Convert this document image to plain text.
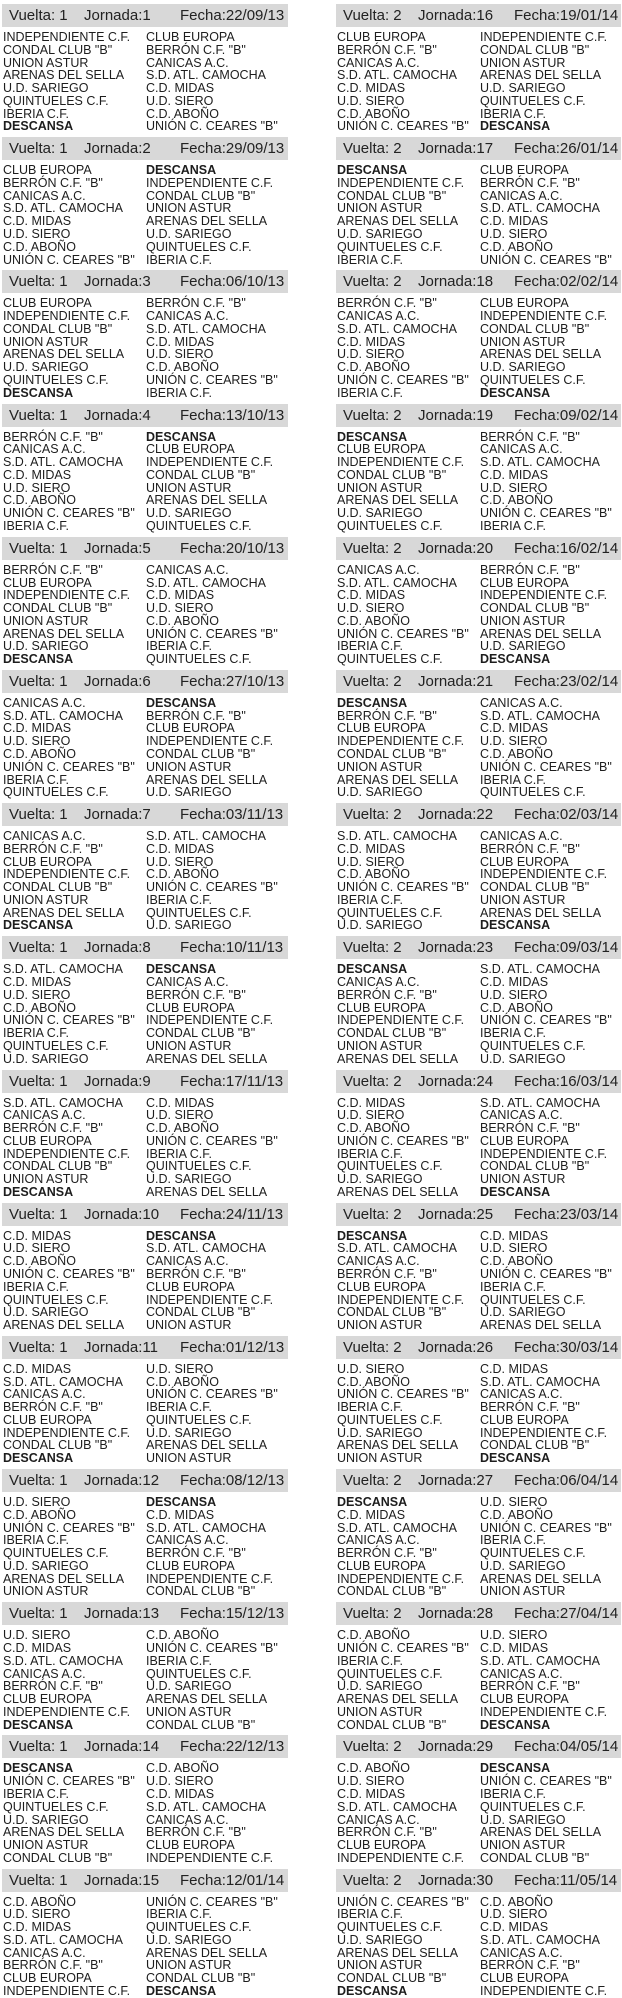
Vuelta: 1 Jornada:1 Fecha:22/09/13
INDEPENDIENTE C.F.	CLUB EUROPA
CONDAL CLUB "B"	BERRÓN C.F. "B"
UNION ASTUR	CANICAS A.C.
ARENAS DEL SELLA	S.D. ATL. CAMOCHA
U.D. SARIEGO	C.D. MIDAS
QUINTUELES C.F.	U.D. SIERO
IBERIA C.F.	C.D. ABOÑO
DESCANSA	UNIÓN C. CEARES "B"
Vuelta: 1 Jornada:2 Fecha:29/09/13
CLUB EUROPA	DESCANSA
BERRÓN C.F. "B"	INDEPENDIENTE C.F.
CANICAS A.C.	CONDAL CLUB "B"
S.D. ATL. CAMOCHA	UNION ASTUR
C.D. MIDAS	ARENAS DEL SELLA
U.D. SIERO	U.D. SARIEGO
C.D. ABOÑO	QUINTUELES C.F.
UNIÓN C. CEARES "B" IBERIA C.F.
Vuelta: 1 Jornada:3 Fecha:06/10/13
CLUB EUROPA	BERRÓN C.F. "B"
INDEPENDIENTE C.F.	CANICAS A.C.
CONDAL CLUB "B"	S.D. ATL. CAMOCHA
UNION ASTUR	C.D. MIDAS
ARENAS DEL SELLA	U.D. SIERO
U.D. SARIEGO	C.D. ABOÑO
QUINTUELES C.F.	UNIÓN C. CEARES "B"
DESCANSA	IBERIA C.F.
Vuelta: 1 Jornada:4 Fecha:13/10/13
BERRÓN C.F. "B"	DESCANSA
CANICAS A.C.	CLUB EUROPA
S.D. ATL. CAMOCHA	INDEPENDIENTE C.F.
C.D. MIDAS	CONDAL CLUB "B"
U.D. SIERO	UNION ASTUR
C.D. ABOÑO	ARENAS DEL SELLA
UNIÓN C. CEARES "B" U.D. SARIEGO
IBERIA C.F.	QUINTUELES C.F.
Vuelta: 1 Jornada:5 Fecha:20/10/13
BERRÓN C.F. "B"	CANICAS A.C.
CLUB EUROPA	S.D. ATL. CAMOCHA
INDEPENDIENTE C.F.	C.D. MIDAS
CONDAL CLUB "B"	U.D. SIERO
UNION ASTUR	C.D. ABOÑO
ARENAS DEL SELLA	UNIÓN C. CEARES "B"
U.D. SARIEGO	IBERIA C.F.
DESCANSA	QUINTUELES C.F.
Vuelta: 1 Jornada:6 Fecha:27/10/13
CANICAS A.C.	DESCANSA
S.D. ATL. CAMOCHA	BERRÓN C.F. "B"
C.D. MIDAS	CLUB EUROPA
U.D. SIERO	INDEPENDIENTE C.F.
C.D. ABOÑO	CONDAL CLUB "B"
UNIÓN C. CEARES "B" UNION ASTUR
IBERIA C.F.	ARENAS DEL SELLA
QUINTUELES C.F.	U.D. SARIEGO
Vuelta: 1 Jornada:7 Fecha:03/11/13
CANICAS A.C.	S.D. ATL. CAMOCHA
BERRÓN C.F. "B"	C.D. MIDAS
CLUB EUROPA	U.D. SIERO
INDEPENDIENTE C.F.	C.D. ABOÑO
CONDAL CLUB "B"	UNIÓN C. CEARES "B"
UNION ASTUR	IBERIA C.F.
ARENAS DEL SELLA	QUINTUELES C.F.
DESCANSA	U.D. SARIEGO
Vuelta: 1 Jornada:8 Fecha:10/11/13
S.D. ATL. CAMOCHA	DESCANSA
C.D. MIDAS	CANICAS A.C.
U.D. SIERO	BERRÓN C.F. "B"
C.D. ABOÑO	CLUB EUROPA
UNIÓN C. CEARES "B" INDEPENDIENTE C.F.
IBERIA C.F.	CONDAL CLUB "B"
QUINTUELES C.F.	UNION ASTUR
U.D. SARIEGO	ARENAS DEL SELLA
Vuelta: 1 Jornada:9 Fecha:17/11/13
S.D. ATL. CAMOCHA	C.D. MIDAS
CANICAS A.C.	U.D. SIERO
BERRÓN C.F. "B"	C.D. ABOÑO
CLUB EUROPA	UNIÓN C. CEARES "B"
INDEPENDIENTE C.F.	IBERIA C.F.
CONDAL CLUB "B"	QUINTUELES C.F.
UNION ASTUR	U.D. SARIEGO
DESCANSA	ARENAS DEL SELLA
Vuelta: 1 Jornada:10 Fecha:24/11/13
C.D. MIDAS	DESCANSA
U.D. SIERO	S.D. ATL. CAMOCHA
C.D. ABOÑO	CANICAS A.C.
UNIÓN C. CEARES "B" BERRÓN C.F. "B"
IBERIA C.F.	CLUB EUROPA
QUINTUELES C.F.	INDEPENDIENTE C.F.
U.D. SARIEGO	CONDAL CLUB "B"
ARENAS DEL SELLA	UNION ASTUR
Vuelta: 1 Jornada:11 Fecha:01/12/13
C.D. MIDAS	U.D. SIERO
S.D. ATL. CAMOCHA	C.D. ABOÑO
CANICAS A.C.	UNIÓN C. CEARES "B"
BERRÓN C.F. "B"	IBERIA C.F.
CLUB EUROPA	QUINTUELES C.F.
INDEPENDIENTE C.F.	U.D. SARIEGO
CONDAL CLUB "B"	ARENAS DEL SELLA
DESCANSA	UNION ASTUR
Vuelta: 1 Jornada:12 Fecha:08/12/13
U.D. SIERO	DESCANSA
C.D. ABOÑO	C.D. MIDAS
UNIÓN C. CEARES "B" S.D. ATL. CAMOCHA
IBERIA C.F.	CANICAS A.C.
QUINTUELES C.F.	BERRÓN C.F. "B"
U.D. SARIEGO	CLUB EUROPA
ARENAS DEL SELLA	INDEPENDIENTE C.F.
UNION ASTUR	CONDAL CLUB "B"
Vuelta: 1 Jornada:13 Fecha:15/12/13
U.D. SIERO	C.D. ABOÑO
C.D. MIDAS	UNIÓN C. CEARES "B"
S.D. ATL. CAMOCHA	IBERIA C.F.
CANICAS A.C.	QUINTUELES C.F.
BERRÓN C.F. "B"	U.D. SARIEGO
CLUB EUROPA	ARENAS DEL SELLA
INDEPENDIENTE C.F.	UNION ASTUR
DESCANSA	CONDAL CLUB "B"
Vuelta: 1 Jornada:14 Fecha:22/12/13
DESCANSA	C.D. ABOÑO
UNIÓN C. CEARES "B" U.D. SIERO
IBERIA C.F.	C.D. MIDAS
QUINTUELES C.F.	S.D. ATL. CAMOCHA
U.D. SARIEGO	CANICAS A.C.
ARENAS DEL SELLA	BERRÓN C.F. "B"
UNION ASTUR	CLUB EUROPA
CONDAL CLUB "B"	INDEPENDIENTE C.F.
Vuelta: 1 Jornada:15 Fecha:12/01/14
C.D. ABOÑO	UNIÓN C. CEARES "B"
U.D. SIERO	IBERIA C.F.
C.D. MIDAS	QUINTUELES C.F.
S.D. ATL. CAMOCHA	U.D. SARIEGO
CANICAS A.C.	ARENAS DEL SELLA
BERRÓN C.F. "B"	UNION ASTUR
CLUB EUROPA	CONDAL CLUB "B"
INDEPENDIENTE C.F.	DESCANSA
Vuelta: 2 Jornada:16 Fecha:19/01/14
CLUB EUROPA	INDEPENDIENTE C.F.
BERRÓN C.F. "B"	CONDAL CLUB "B"
CANICAS A.C.	UNION ASTUR
S.D. ATL. CAMOCHA	ARENAS DEL SELLA
C.D. MIDAS	U.D. SARIEGO
U.D. SIERO	QUINTUELES C.F.
C.D. ABOÑO	IBERIA C.F.
UNIÓN C. CEARES "B" DESCANSA
Vuelta: 2 Jornada:17 Fecha:26/01/14
DESCANSA	CLUB EUROPA
INDEPENDIENTE C.F.	BERRÓN C.F. "B"
CONDAL CLUB "B"	CANICAS A.C.
UNION ASTUR	S.D. ATL. CAMOCHA
ARENAS DEL SELLA	C.D. MIDAS
U.D. SARIEGO	U.D. SIERO
QUINTUELES C.F.	C.D. ABOÑO
IBERIA C.F.	UNIÓN C. CEARES "B"
Vuelta: 2 Jornada:18 Fecha:02/02/14
BERRÓN C.F. "B"	CLUB EUROPA
CANICAS A.C.	INDEPENDIENTE C.F.
S.D. ATL. CAMOCHA	CONDAL CLUB "B"
C.D. MIDAS	UNION ASTUR
U.D. SIERO	ARENAS DEL SELLA
C.D. ABOÑO	U.D. SARIEGO
UNIÓN C. CEARES "B" QUINTUELES C.F.
IBERIA C.F.	DESCANSA
Vuelta: 2 Jornada:19 Fecha:09/02/14
DESCANSA	BERRÓN C.F. "B"
CLUB EUROPA	CANICAS A.C.
INDEPENDIENTE C.F.	S.D. ATL. CAMOCHA
CONDAL CLUB "B"	C.D. MIDAS
UNION ASTUR	U.D. SIERO
ARENAS DEL SELLA	C.D. ABOÑO
U.D. SARIEGO	UNIÓN C. CEARES "B"
QUINTUELES C.F.	IBERIA C.F.
Vuelta: 2 Jornada:20 Fecha:16/02/14
CANICAS A.C.	BERRÓN C.F. "B"
S.D. ATL. CAMOCHA	CLUB EUROPA
C.D. MIDAS	INDEPENDIENTE C.F.
U.D. SIERO	CONDAL CLUB "B"
C.D. ABOÑO	UNION ASTUR
UNIÓN C. CEARES "B" ARENAS DEL SELLA
IBERIA C.F.	U.D. SARIEGO
QUINTUELES C.F.	DESCANSA
Vuelta: 2 Jornada:21 Fecha:23/02/14
DESCANSA	CANICAS A.C.
BERRÓN C.F. "B"	S.D. ATL. CAMOCHA
CLUB EUROPA	C.D. MIDAS
INDEPENDIENTE C.F.	U.D. SIERO
CONDAL CLUB "B"	C.D. ABOÑO
UNION ASTUR	UNIÓN C. CEARES "B"
ARENAS DEL SELLA	IBERIA C.F.
U.D. SARIEGO	QUINTUELES C.F.
Vuelta: 2 Jornada:22 Fecha:02/03/14
S.D. ATL. CAMOCHA	CANICAS A.C.
C.D. MIDAS	BERRÓN C.F. "B"
U.D. SIERO	CLUB EUROPA
C.D. ABOÑO	INDEPENDIENTE C.F.
UNIÓN C. CEARES "B" CONDAL CLUB "B"
IBERIA C.F.	UNION ASTUR
QUINTUELES C.F.	ARENAS DEL SELLA
U.D. SARIEGO	DESCANSA
Vuelta: 2 Jornada:23 Fecha:09/03/14
DESCANSA	S.D. ATL. CAMOCHA
CANICAS A.C.	C.D. MIDAS
BERRÓN C.F. "B"	U.D. SIERO
CLUB EUROPA	C.D. ABOÑO
INDEPENDIENTE C.F.	UNIÓN C. CEARES "B"
CONDAL CLUB "B"	IBERIA C.F.
UNION ASTUR	QUINTUELES C.F.
ARENAS DEL SELLA	U.D. SARIEGO
Vuelta: 2 Jornada:24 Fecha:16/03/14
C.D. MIDAS	S.D. ATL. CAMOCHA
U.D. SIERO	CANICAS A.C.
C.D. ABOÑO	BERRÓN C.F. "B"
UNIÓN C. CEARES "B" CLUB EUROPA
IBERIA C.F.	INDEPENDIENTE C.F.
QUINTUELES C.F.	CONDAL CLUB "B"
U.D. SARIEGO	UNION ASTUR
ARENAS DEL SELLA	DESCANSA
Vuelta: 2 Jornada:25 Fecha:23/03/14
DESCANSA	C.D. MIDAS
S.D. ATL. CAMOCHA	U.D. SIERO
CANICAS A.C.	C.D. ABOÑO
BERRÓN C.F. "B"	UNIÓN C. CEARES "B"
CLUB EUROPA	IBERIA C.F.
INDEPENDIENTE C.F.	QUINTUELES C.F.
CONDAL CLUB "B"	U.D. SARIEGO
UNION ASTUR	ARENAS DEL SELLA
Vuelta: 2 Jornada:26 Fecha:30/03/14
U.D. SIERO	C.D. MIDAS
C.D. ABOÑO	S.D. ATL. CAMOCHA
UNIÓN C. CEARES "B" CANICAS A.C.
IBERIA C.F.	BERRÓN C.F. "B"
QUINTUELES C.F.	CLUB EUROPA
U.D. SARIEGO	INDEPENDIENTE C.F.
ARENAS DEL SELLA	CONDAL CLUB "B"
UNION ASTUR	DESCANSA
Vuelta: 2 Jornada:27 Fecha:06/04/14
DESCANSA	U.D. SIERO
C.D. MIDAS	C.D. ABOÑO
S.D. ATL. CAMOCHA	UNIÓN C. CEARES "B"
CANICAS A.C.	IBERIA C.F.
BERRÓN C.F. "B"	QUINTUELES C.F.
CLUB EUROPA	U.D. SARIEGO
INDEPENDIENTE C.F.	ARENAS DEL SELLA
CONDAL CLUB "B"	UNION ASTUR
Vuelta: 2 Jornada:28 Fecha:27/04/14
C.D. ABOÑO	U.D. SIERO
UNIÓN C. CEARES "B" C.D. MIDAS
IBERIA C.F.	S.D. ATL. CAMOCHA
QUINTUELES C.F.	CANICAS A.C.
U.D. SARIEGO	BERRÓN C.F. "B"
ARENAS DEL SELLA	CLUB EUROPA
UNION ASTUR	INDEPENDIENTE C.F.
CONDAL CLUB "B"	DESCANSA
Vuelta: 2 Jornada:29 Fecha:04/05/14
C.D. ABOÑO	DESCANSA
U.D. SIERO	UNIÓN C. CEARES "B"
C.D. MIDAS	IBERIA C.F.
S.D. ATL. CAMOCHA	QUINTUELES C.F.
CANICAS A.C.	U.D. SARIEGO
BERRÓN C.F. "B"	ARENAS DEL SELLA
CLUB EUROPA	UNION ASTUR
INDEPENDIENTE C.F.	CONDAL CLUB "B"
Vuelta: 2 Jornada:30 Fecha:11/05/14
UNIÓN C. CEARES "B" C.D. ABOÑO
IBERIA C.F.	U.D. SIERO
QUINTUELES C.F.	C.D. MIDAS
U.D. SARIEGO	S.D. ATL. CAMOCHA
ARENAS DEL SELLA	CANICAS A.C.
UNION ASTUR	BERRÓN C.F. "B"
CONDAL CLUB "B"	CLUB EUROPA
DESCANSA	INDEPENDIENTE C.F.
